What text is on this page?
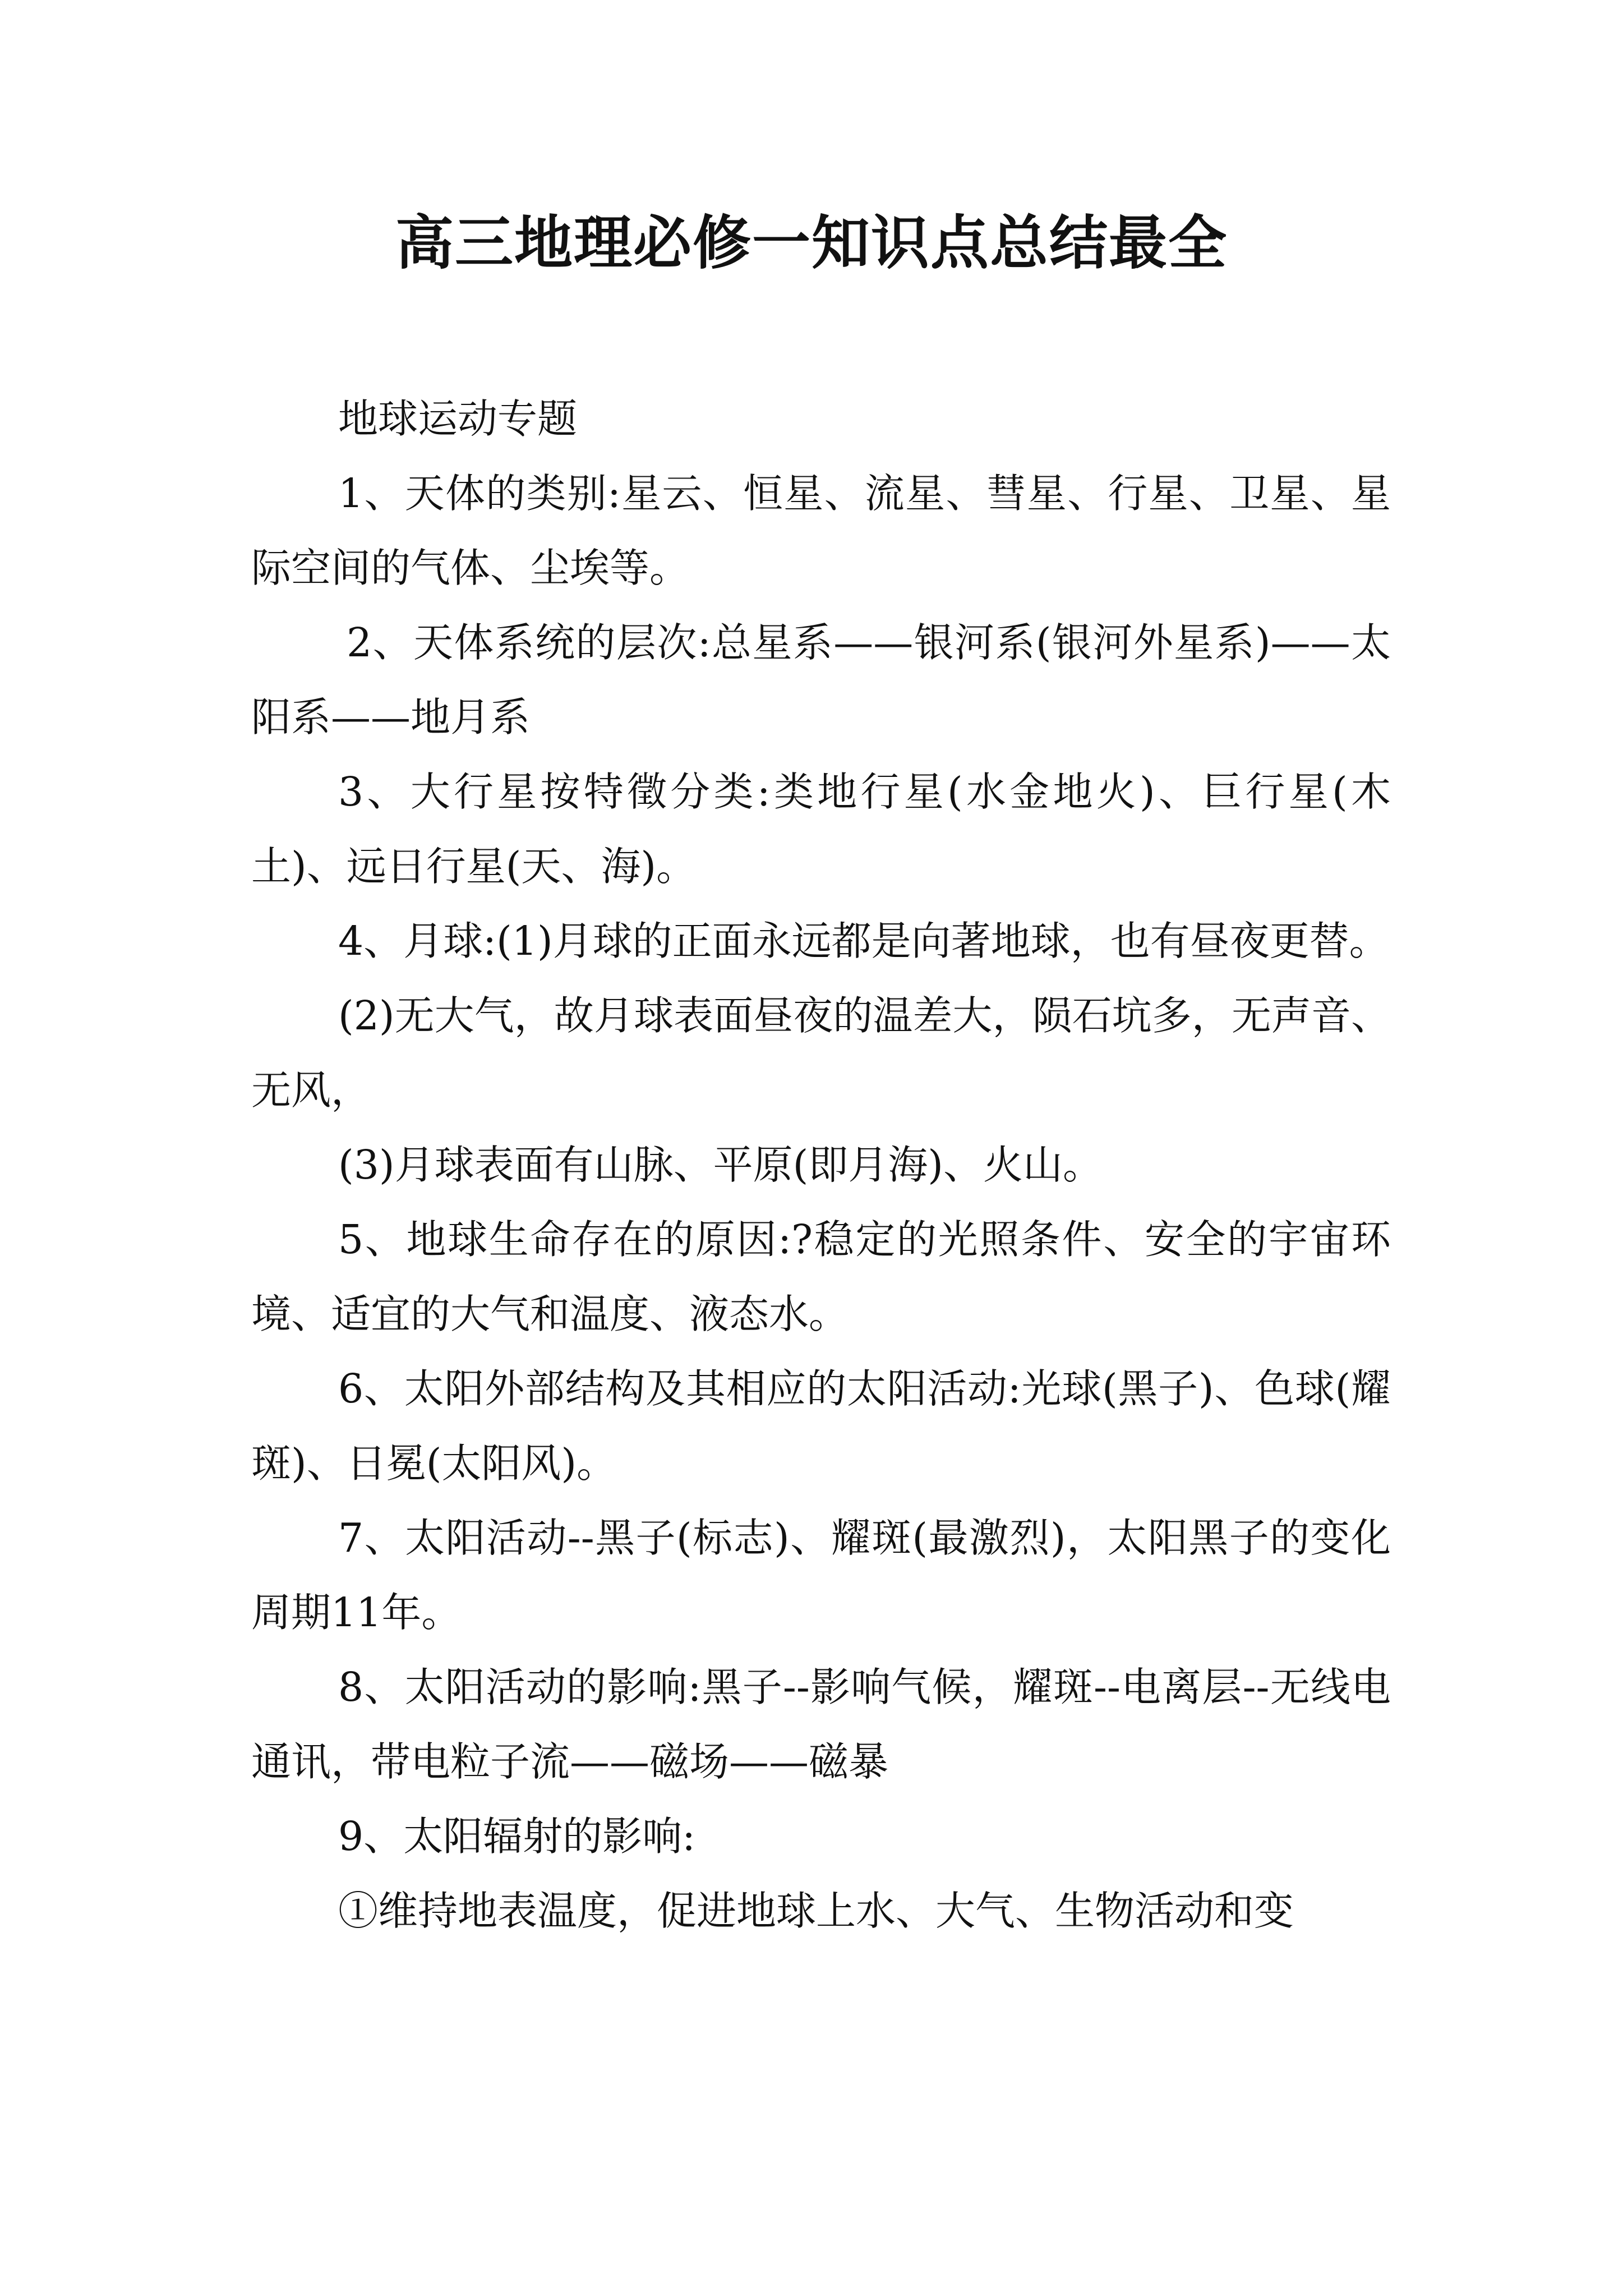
高三地理必修一知识点总结最全

地球运动专题

1、天体的类别:星云、恒星、流星、彗星、行星、卫星、星际空间的气体、尘埃等。

2、天体系统的层次:总星系——银河系(银河外星系)——太阳系——地月系

3、大行星按特徵分类:类地行星(水金地火)、巨行星(木土)、远日行星(天、海)。

4、月球:(1)月球的正面永远都是向著地球，也有昼夜更替。

(2)无大气，故月球表面昼夜的温差大，陨石坑多，无声音、无风，

(3)月球表面有山脉、平原(即月海)、火山。

5、地球生命存在的原因:?稳定的光照条件、安全的宇宙环境、适宜的大气和温度、液态水。

6、太阳外部结构及其相应的太阳活动:光球(黑子)、色球(耀斑)、日冕(太阳风)。

7、太阳活动--黑子(标志)、耀斑(最激烈)，太阳黑子的变化周期11年。

8、太阳活动的影响:黑子--影响气候，耀斑--电离层--无线电通讯，带电粒子流——磁场——磁暴

9、太阳辐射的影响:

①维持地表温度，促进地球上水、大气、生物活动和变
